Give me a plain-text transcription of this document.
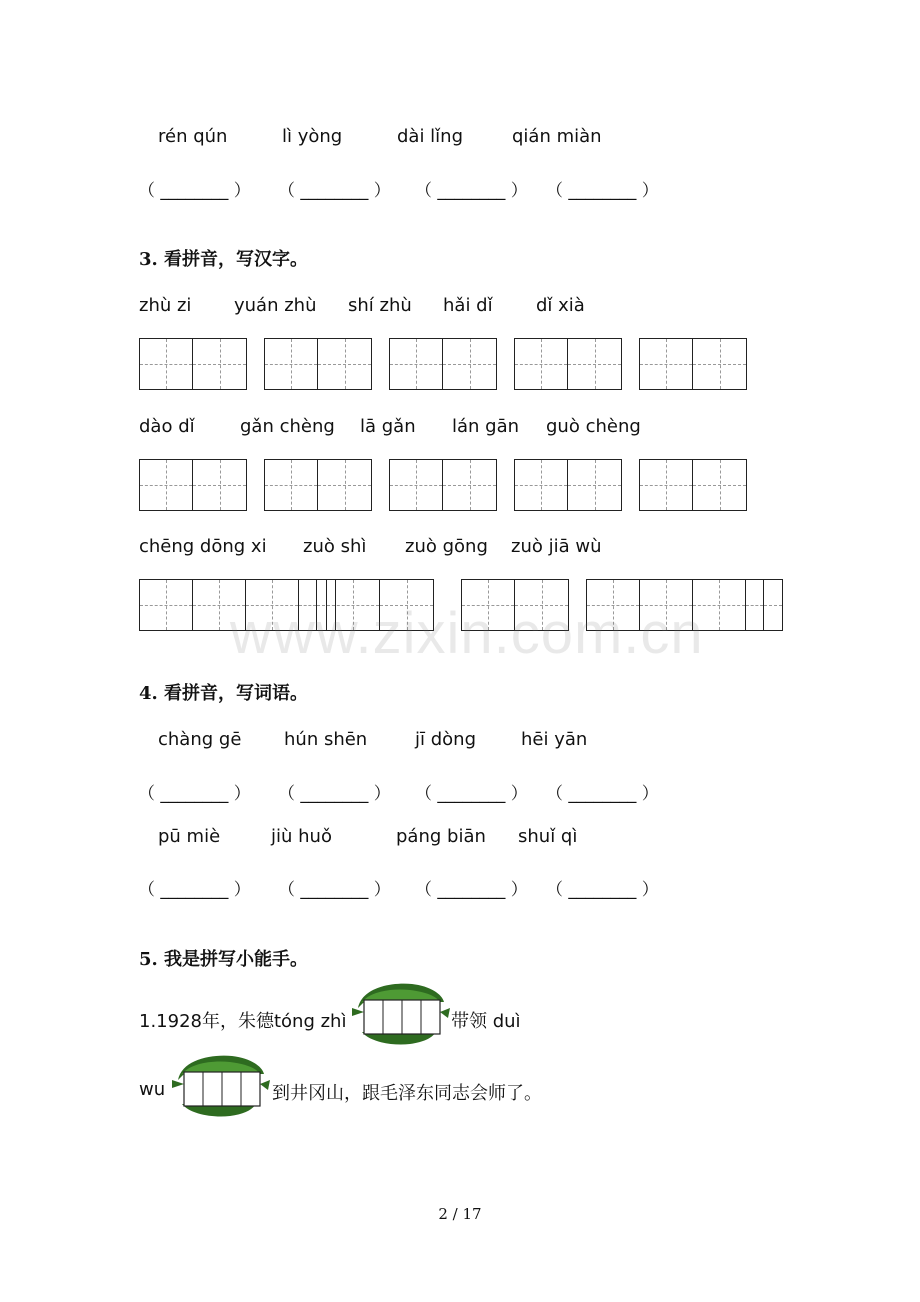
rén qún	lì yòng	dài lǐng	qián miàn
（ ________ ） （ ________ ） （ ________ ） （ ________ ）
3. 看拼音，写汉字。
zhù zi yuán zhù shí zhù hǎi dǐ dǐ xià
dào dǐ	gǎn chèng lā gǎn lán gān guò chèng
chēng dōng xi zuò shì zuò gōng zuò jiā wù
www.zixin.com.cn
4. 看拼音，写词语。
chàng gē hún shēn	jī dòng	hēi yān
（ ________ ） （ ________ ） （ ________ ） （ ________ ）
pū miè	jiù huǒ	páng biān shuǐ qì
（ ________ ） （ ________ ） （ ________ ） （ ________ ）
5. 我是拼写小能手。
1.1928年，朱德tóng zhì	带领 duì
wu	到井冈山，跟毛泽东同志会师了。
2 / 17
